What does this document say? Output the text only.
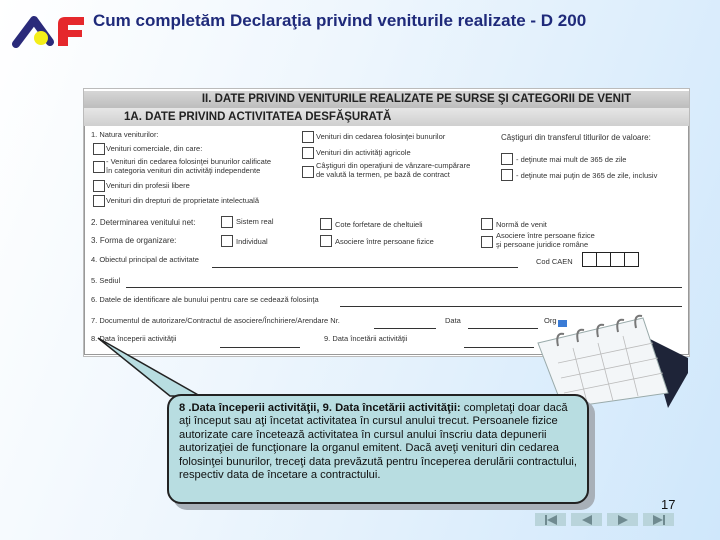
Cum completăm Declaraţia privind veniturile realizate - D 200
II. DATE PRIVIND VENITURILE REALIZATE PE SURSE ŞI CATEGORII DE VENIT
1A. DATE PRIVIND ACTIVITATEA DESFĂŞURATĂ
1. Natura veniturilor:
Venituri comerciale, din care:
- Venituri din cedarea folosinţei bunurilor calificate
în categoria venituri din activităţi independente
Venituri din profesii libere
Venituri din drepturi de proprietate intelectuală
Venituri din cedarea folosinţei bunurilor
Venituri din activităţi agricole
Câştiguri din operaţiuni de vânzare-cumpărare
de valută la termen, pe bază de contract
Câştiguri din transferul titlurilor de valoare:
- deţinute mai mult de 365 de zile
- deţinute mai puţin de 365 de zile, inclusiv
2. Determinarea venitului net:	Sistem real	Cote forfetare de cheltuieli	Normă de venit
3. Forma de organizare:	Individual	Asociere între persoane fizice
Asociere între persoane fizice
şi persoane juridice române
4. Obiectul principal de activitate	Cod CAEN
5. Sediul
6. Datele de identificare ale bunului pentru care se cedează folosinţa
7. Documentul de autorizare/Contractul de asociere/Închiriere/Arendare Nr.	Data	Org
8. Data începerii activităţii	9. Data încetării activităţii
8 .Data începerii activităţii, 9. Data încetării activităţii: completaţi doar dacă aţi început sau aţi încetat activitatea în cursul anului trecut. Persoanele fizice autorizate care încetează activitatea în cursul anului înscriu data depunerii autorizaţiei de funcţionare la organul emitent. Dacă aveţi venituri din cedarea folosinţei bunurilor, treceţi data prevăzută pentru începerea derulării contractului, respectiv data de încetare a contractului.
17
